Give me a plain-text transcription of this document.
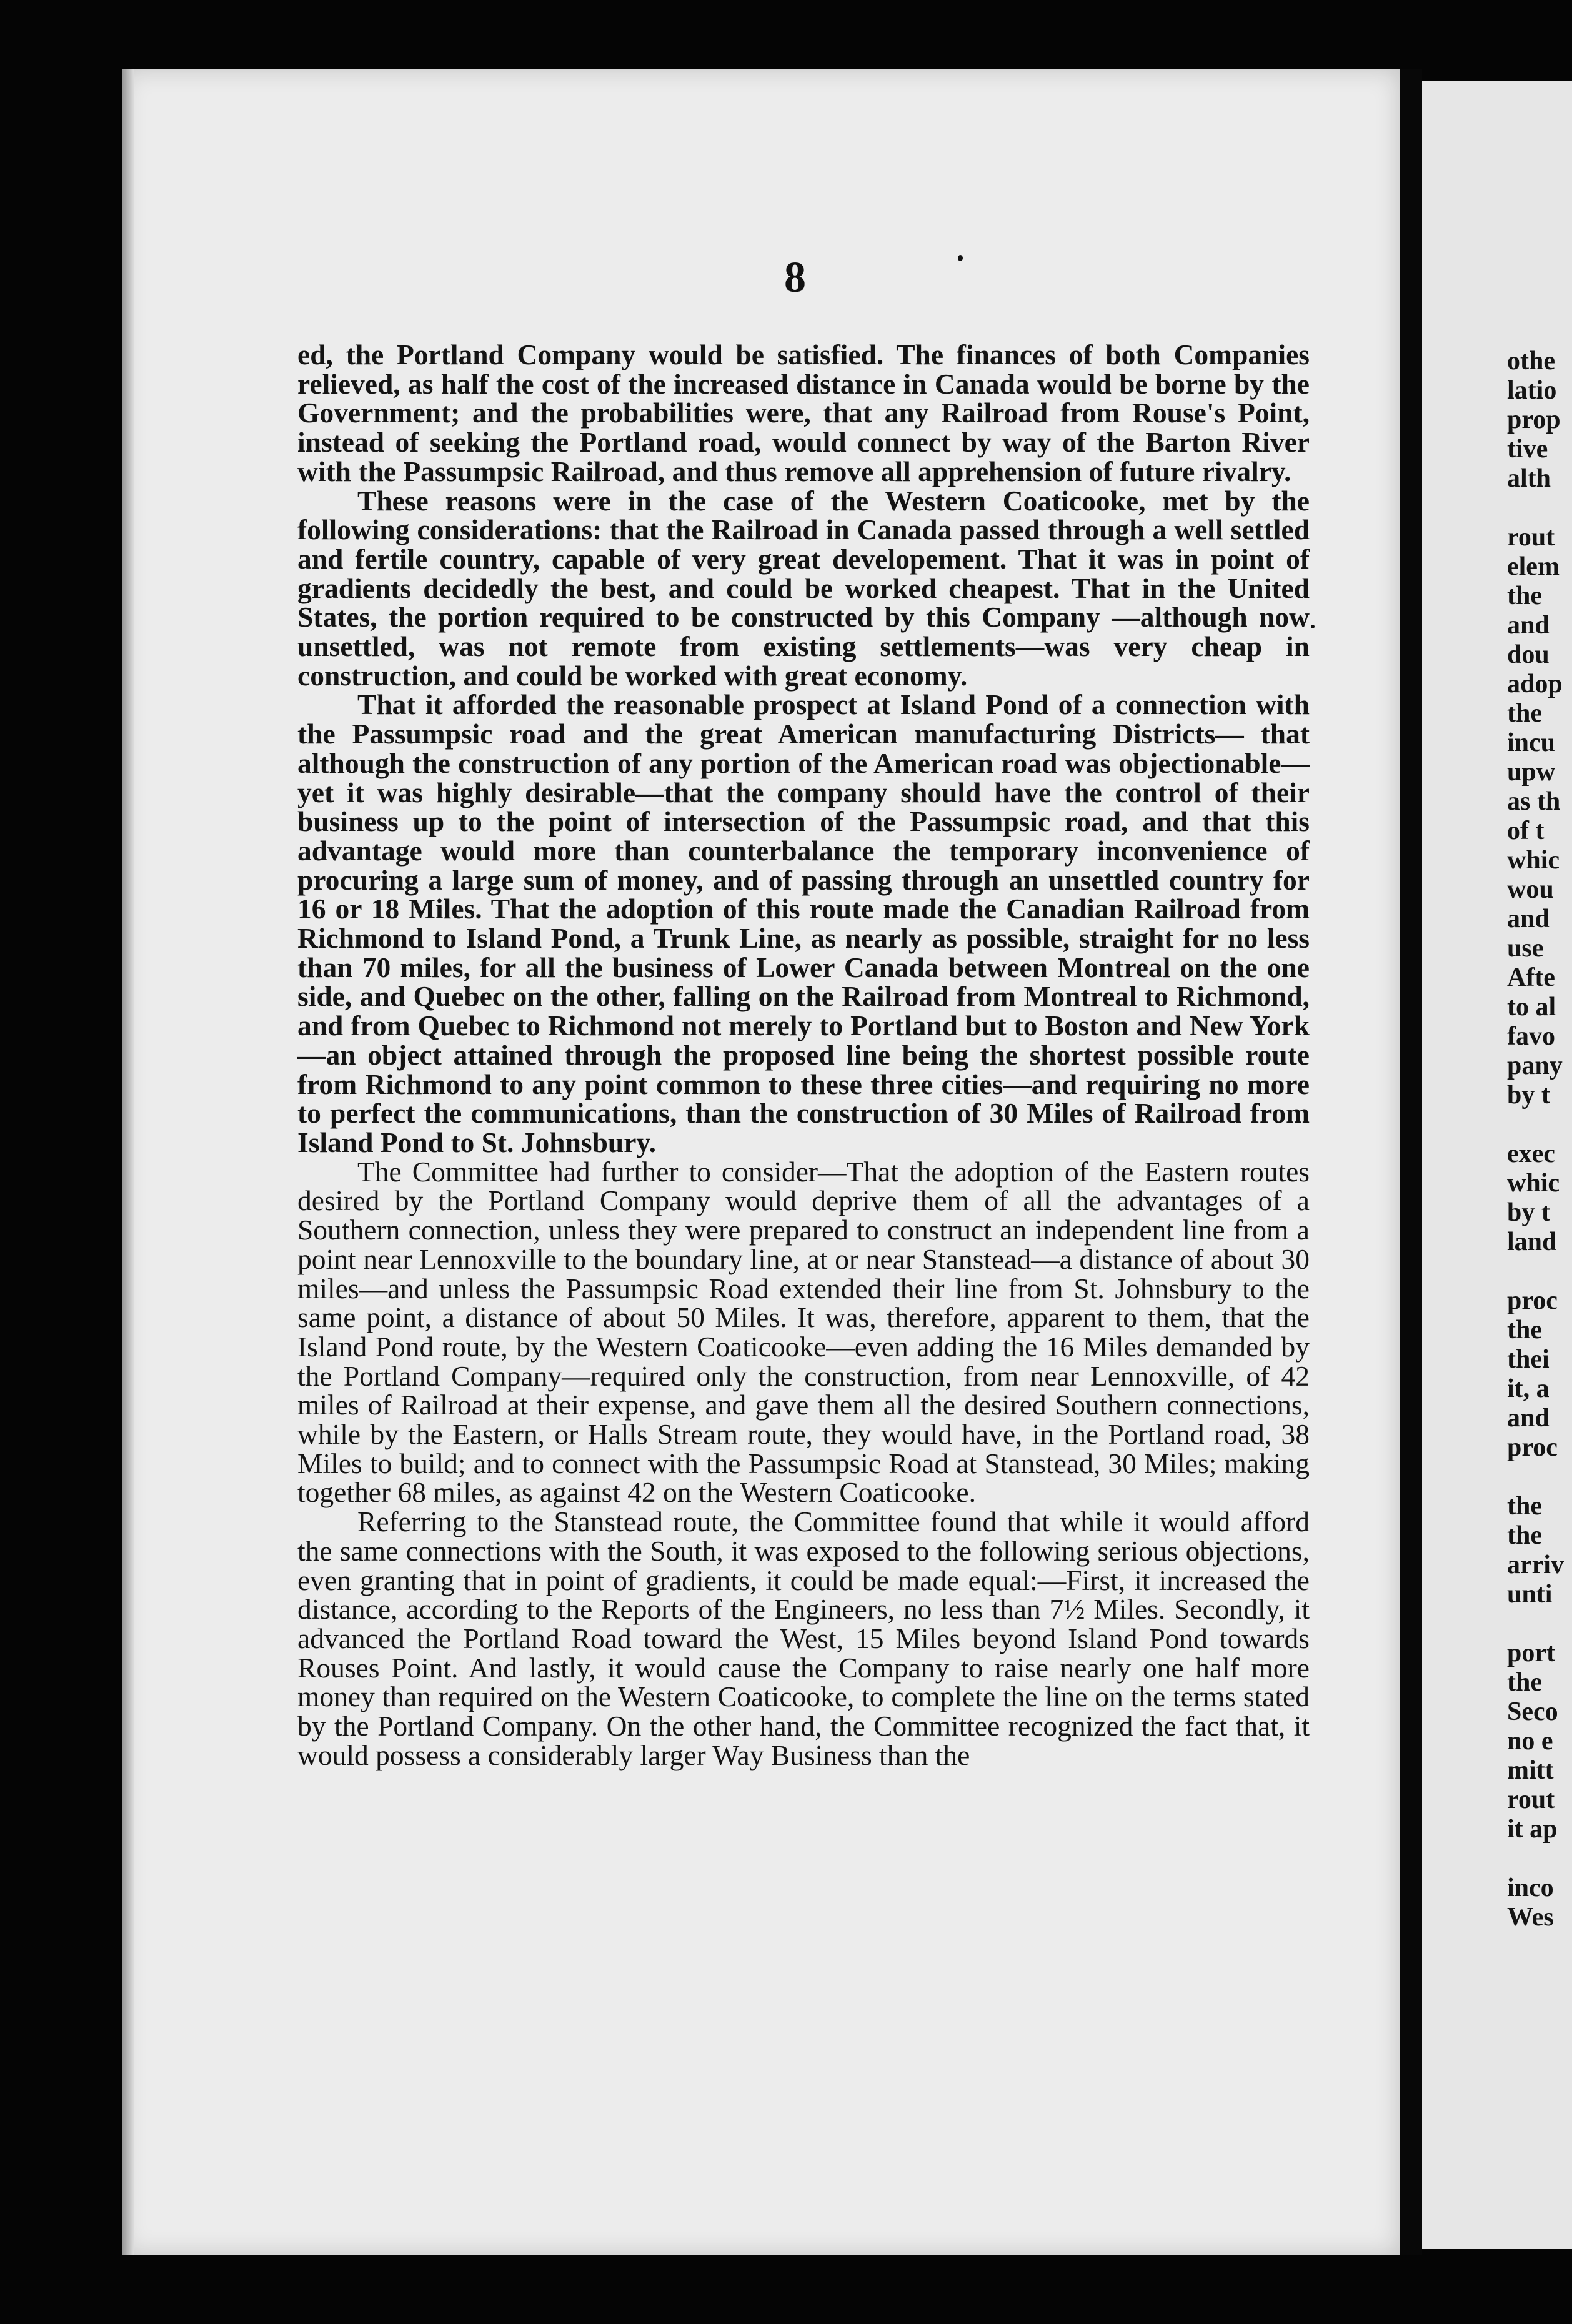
8

ed, the Portland Company would be satisfied. The finances of both Companies relieved, as half the cost of the increased distance in Canada would be borne by the Government; and the probabilities were, that any Railroad from Rouse's Point, instead of seeking the Portland road, would connect by way of the Barton River with the Passumpsic Railroad, and thus remove all apprehension of future rivalry.

These reasons were in the case of the Western Coaticooke, met by the following considerations: that the Railroad in Canada passed through a well settled and fertile country, capable of very great developement. That it was in point of gradients decidedly the best, and could be worked cheapest. That in the United States, the portion required to be constructed by this Company —although now unsettled, was not remote from existing settlements—was very cheap in construction, and could be worked with great economy.

That it afforded the reasonable prospect at Island Pond of a connection with the Passumpsic road and the great American manufacturing Districts— that although the construction of any portion of the American road was objectionable—yet it was highly desirable—that the company should have the control of their business up to the point of intersection of the Passumpsic road, and that this advantage would more than counterbalance the temporary inconvenience of procuring a large sum of money, and of passing through an unsettled country for 16 or 18 Miles. That the adoption of this route made the Canadian Railroad from Richmond to Island Pond, a Trunk Line, as nearly as possible, straight for no less than 70 miles, for all the business of Lower Canada between Montreal on the one side, and Quebec on the other, falling on the Railroad from Montreal to Richmond, and from Quebec to Richmond not merely to Portland but to Boston and New York—an object attained through the proposed line being the shortest possible route from Richmond to any point common to these three cities—and requiring no more to perfect the communications, than the construction of 30 Miles of Railroad from Island Pond to St. Johnsbury.

The Committee had further to consider—That the adoption of the Eastern routes desired by the Portland Company would deprive them of all the advantages of a Southern connection, unless they were prepared to construct an independent line from a point near Lennoxville to the boundary line, at or near Stanstead—a distance of about 30 miles—and unless the Passumpsic Road extended their line from St. Johnsbury to the same point, a distance of about 50 Miles. It was, therefore, apparent to them, that the Island Pond route, by the Western Coaticooke—even adding the 16 Miles demanded by the Portland Company—required only the construction, from near Lennoxville, of 42 miles of Railroad at their expense, and gave them all the desired Southern connections, while by the Eastern, or Halls Stream route, they would have, in the Portland road, 38 Miles to build; and to connect with the Passumpsic Road at Stanstead, 30 Miles; making together 68 miles, as against 42 on the Western Coaticooke.

Referring to the Stanstead route, the Committee found that while it would afford the same connections with the South, it was exposed to the following serious objections, even granting that in point of gradients, it could be made equal:—First, it increased the distance, according to the Reports of the Engineers, no less than 7½ Miles. Secondly, it advanced the Portland Road toward the West, 15 Miles beyond Island Pond towards Rouses Point. And lastly, it would cause the Company to raise nearly one half more money than required on the Western Coaticooke, to complete the line on the terms stated by the Portland Company. On the other hand, the Committee recognized the fact that, it would possess a considerably larger Way Business than the

othe
latio
prop
tive
alth
rout
elem
the
and
dou
adop
the
incu
upw
as th
of t
whic
wou
and
use
Afte
to al
favo
pany
by t
exec
whic
by t
land
proc
the
thei
it, a
and
proc
the
the
arriv
unti
port
the
Seco
no e
mitt
rout
it ap
inco
Wes
